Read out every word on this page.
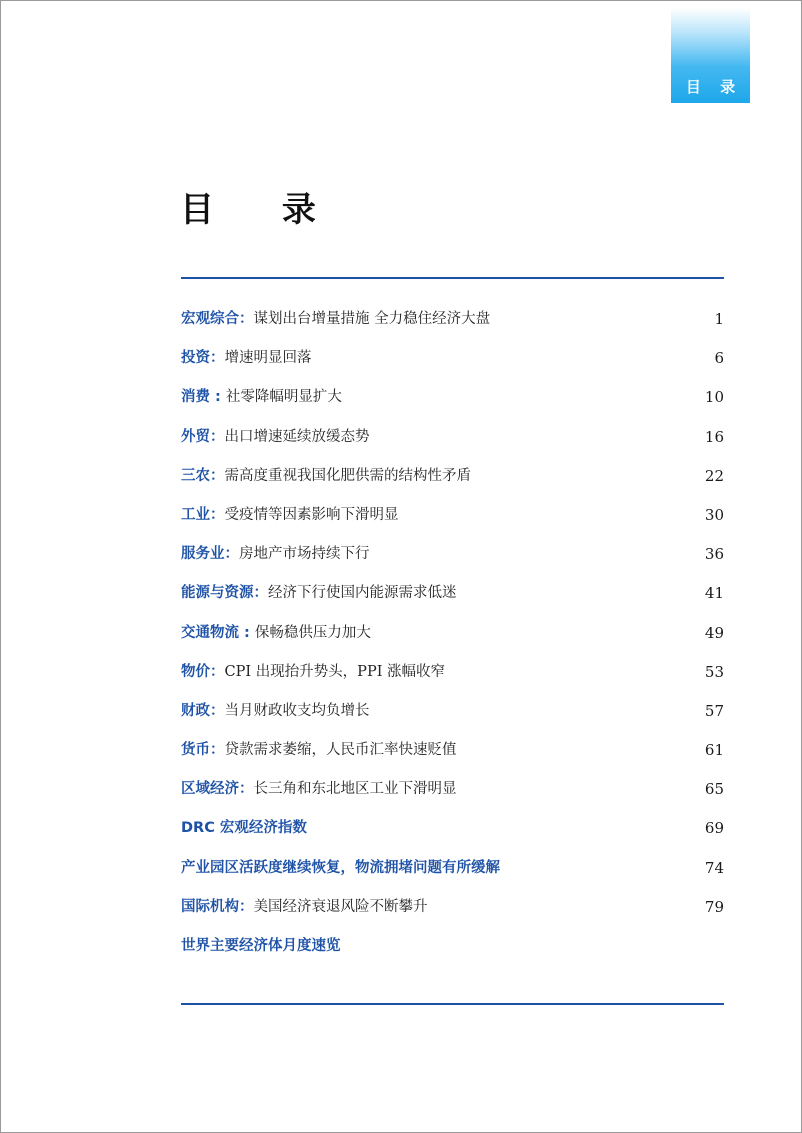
目 录
目 录
宏观综合：谋划出台增量措施 全力稳住经济大盘	1
投资：增速明显回落	6
消费 : 社零降幅明显扩大	10
外贸：出口增速延续放缓态势	16
三农：需高度重视我国化肥供需的结构性矛盾	22
工业：受疫情等因素影响下滑明显	30
服务业：房地产市场持续下行	36
能源与资源：经济下行使国内能源需求低迷	41
交通物流 : 保畅稳供压力加大	49
物价：CPI 出现抬升势头，PPI 涨幅收窄	53
财政：当月财政收支均负增长	57
货币：贷款需求萎缩，人民币汇率快速贬值	61
区域经济：长三角和东北地区工业下滑明显	65
DRC 宏观经济指数	69
产业园区活跃度继续恢复，物流拥堵问题有所缓解	74
国际机构：美国经济衰退风险不断攀升	79
世界主要经济体月度速览
